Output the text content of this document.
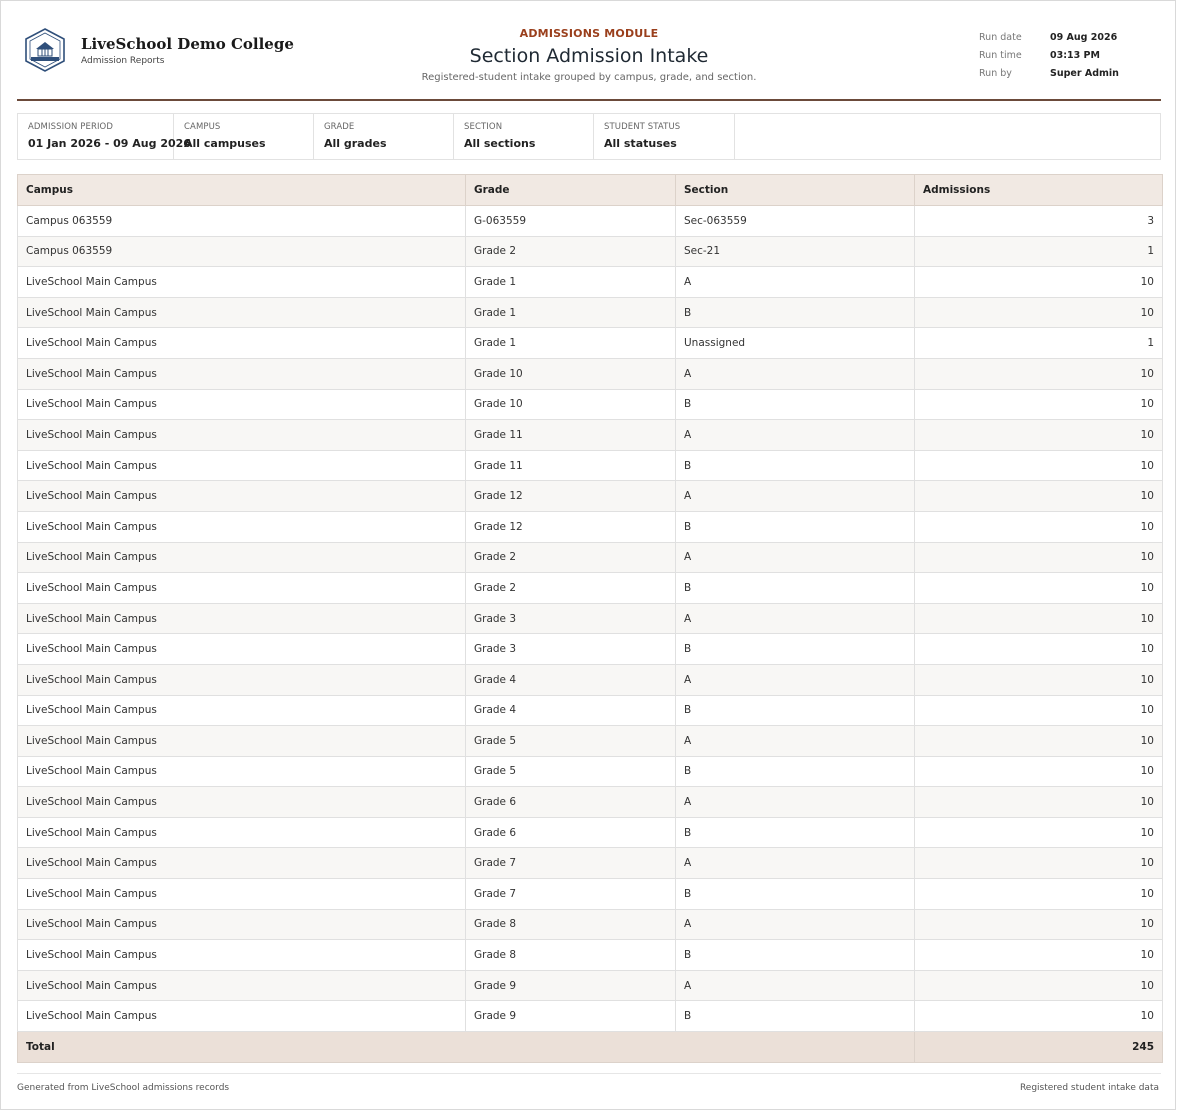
LiveSchool Demo College
Admission Reports
ADMISSIONS MODULE
Section Admission Intake
Registered-student intake grouped by campus, grade, and section.
Run date	09 Aug 2026
Run time	03:13 PM
Run by	Super Admin
ADMISSION PERIOD
01 Jan 2026 - 09 Aug 2026
CAMPUS
All campuses
GRADE
All grades
SECTION
All sections
STUDENT STATUS
All statuses
Campus	Grade	Section	Admissions
Campus 063559	G-063559	Sec-063559	3
Campus 063559	Grade 2	Sec-21	1
LiveSchool Main Campus	Grade 1	A	10
LiveSchool Main Campus	Grade 1	B	10
LiveSchool Main Campus	Grade 1	Unassigned	1
LiveSchool Main Campus	Grade 10	A	10
LiveSchool Main Campus	Grade 10	B	10
LiveSchool Main Campus	Grade 11	A	10
LiveSchool Main Campus	Grade 11	B	10
LiveSchool Main Campus	Grade 12	A	10
LiveSchool Main Campus	Grade 12	B	10
LiveSchool Main Campus	Grade 2	A	10
LiveSchool Main Campus	Grade 2	B	10
LiveSchool Main Campus	Grade 3	A	10
LiveSchool Main Campus	Grade 3	B	10
LiveSchool Main Campus	Grade 4	A	10
LiveSchool Main Campus	Grade 4	B	10
LiveSchool Main Campus	Grade 5	A	10
LiveSchool Main Campus	Grade 5	B	10
LiveSchool Main Campus	Grade 6	A	10
LiveSchool Main Campus	Grade 6	B	10
LiveSchool Main Campus	Grade 7	A	10
LiveSchool Main Campus	Grade 7	B	10
LiveSchool Main Campus	Grade 8	A	10
LiveSchool Main Campus	Grade 8	B	10
LiveSchool Main Campus	Grade 9	A	10
LiveSchool Main Campus	Grade 9	B	10
Total			245
Generated from LiveSchool admissions records	Registered student intake data
